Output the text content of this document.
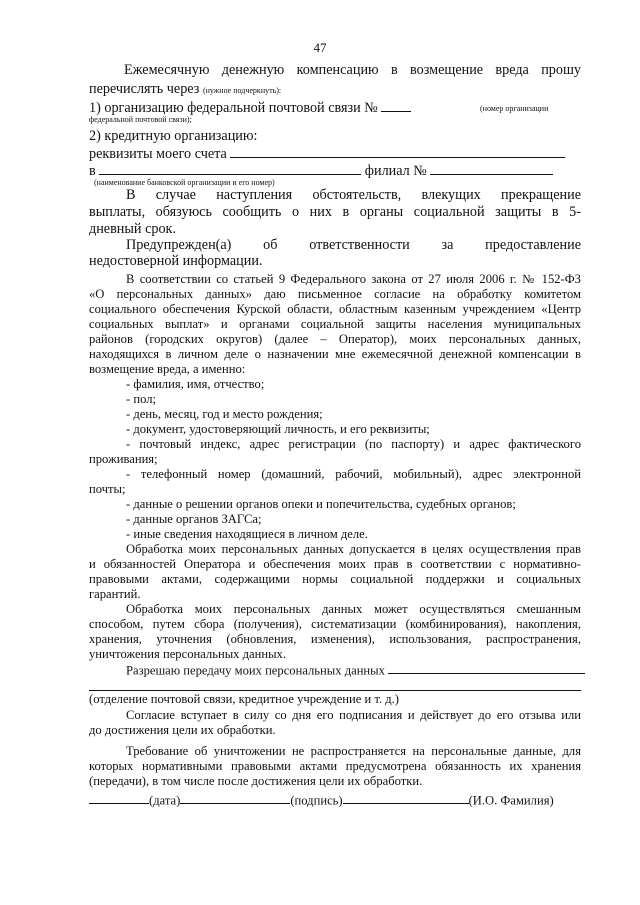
47
Ежемесячную денежную компенсацию в возмещение вреда прошу
перечислять через (нужное подчеркнуть):
1) организацию федеральной почтовой связи №	(номер организации
федеральной почтовой связи);
2) кредитную организацию:
реквизиты моего счета
в	филиал №
(наименование банковской организации и его номер)
В случае наступления обстоятельств, влекущих прекращение
выплаты, обязуюсь сообщить о них в органы социальной защиты в 5-
дневный срок.
Предупрежден(а) об ответственности за предоставление
недостоверной информации.
В соответствии со статьей 9 Федерального закона от 27 июля 2006 г. № 152-ФЗ
«О персональных данных» даю письменное согласие на обработку комитетом
социального обеспечения Курской области, областным казенным учреждением «Центр
социальных выплат» и органами социальной защиты населения муниципальных
районов (городских округов) (далее – Оператор), моих персональных данных,
находящихся в личном деле о назначении мне ежемесячной денежной компенсации в
возмещение вреда, а именно:
- фамилия, имя, отчество;
- пол;
- день, месяц, год и место рождения;
- документ, удостоверяющий личность, и его реквизиты;
- почтовый индекс, адрес регистрации (по паспорту) и адрес фактического
проживания;
- телефонный номер (домашний, рабочий, мобильный), адрес электронной
почты;
- данные о решении органов опеки и попечительства, судебных органов;
- данные органов ЗАГСа;
- иные сведения находящиеся в личном деле.
Обработка моих персональных данных допускается в целях осуществления прав
и обязанностей Оператора и обеспечения моих прав в соответствии с нормативно-
правовыми актами, содержащими нормы социальной поддержки и социальных
гарантий.
Обработка моих персональных данных может осуществляться смешанным
способом, путем сбора (получения), систематизации (комбинирования), накопления,
хранения, уточнения (обновления, изменения), использования, распространения,
уничтожения персональных данных.
Разрешаю передачу моих персональных данных
(отделение почтовой связи, кредитное учреждение и т. д.)
Согласие вступает в силу со дня его подписания и действует до его отзыва или
до достижения цели их обработки.
Требование об уничтожении не распространяется на персональные данные, для
которых нормативными правовыми актами предусмотрена обязанность их хранения
(передачи), в том числе после достижения цели их обработки.
(дата)	(подпись)	(И.О. Фамилия)
